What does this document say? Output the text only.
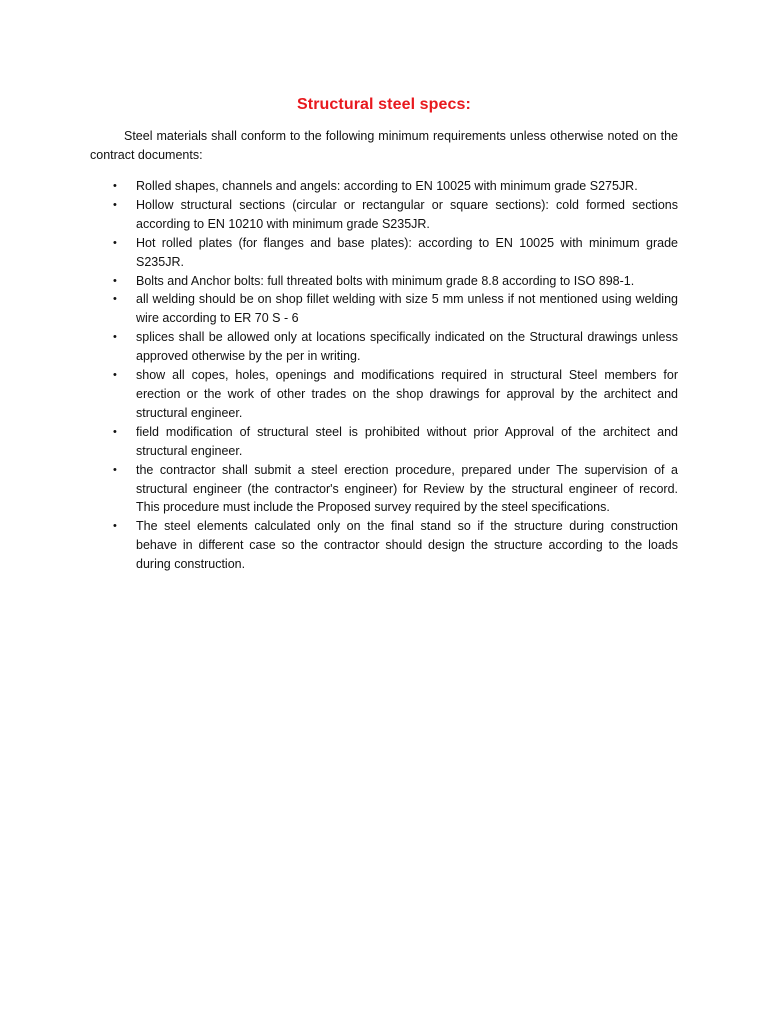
Structural steel specs:

Steel materials shall conform to the following minimum requirements unless otherwise noted on the contract documents:

• Rolled shapes, channels and angels: according to EN 10025 with minimum grade S275JR.
• Hollow structural sections (circular or rectangular or square sections): cold formed sections according to EN 10210 with minimum grade S235JR.
• Hot rolled plates (for flanges and base plates): according to EN 10025 with minimum grade S235JR.
• Bolts and Anchor bolts: full threated bolts with minimum grade 8.8 according to ISO 898-1.
• all welding should be on shop fillet welding with size 5 mm unless if not mentioned using welding wire according to ER 70 S - 6
• splices shall be allowed only at locations specifically indicated on the Structural drawings unless approved otherwise by the per in writing.
• show all copes, holes, openings and modifications required in structural Steel members for erection or the work of other trades on the shop drawings for approval by the architect and structural engineer.
• field modification of structural steel is prohibited without prior Approval of the architect and structural engineer.
• the contractor shall submit a steel erection procedure, prepared under The supervision of a structural engineer (the contractor's engineer) for Review by the structural engineer of record. This procedure must include the Proposed survey required by the steel specifications.
• The steel elements calculated only on the final stand so if the structure during construction behave in different case so the contractor should design the structure according to the loads during construction.
